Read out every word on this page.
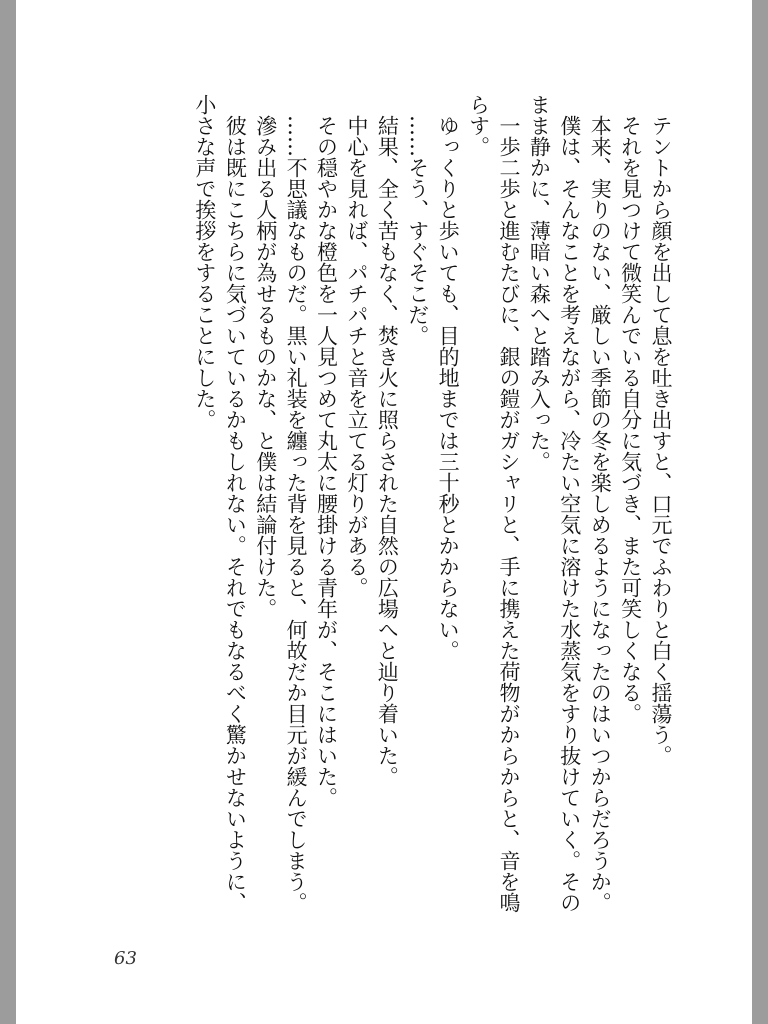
テントから顔を出して息を吐き出すと、口元でふわりと白く揺蕩う。

それを見つけて微笑んでいる自分に気づき、また可笑しくなる。

本来、実りのない、厳しい季節の冬を楽しめるようになったのはいつからだろうか。

僕は、そんなことを考えながら、冷たい空気に溶けた水蒸気をすり抜けていく。そのまま静かに、薄暗い森へと踏み入った。

一歩二歩と進むたびに、銀の鎧がガシャリと、手に携えた荷物がからからと、音を鳴らす。

ゆっくりと歩いても、目的地までは三十秒とかからない。

……そう、すぐそこだ。

結果、全く苦もなく、焚き火に照らされた自然の広場へと辿り着いた。

中心を見れば、パチパチと音を立てる灯りがある。

その穏やかな橙色を一人見つめて丸太に腰掛ける青年が、そこにはいた。

……不思議なものだ。黒い礼装を纏った背を見ると、何故だか目元が緩んでしまう。

滲み出る人柄が為せるものかな、と僕は結論付けた。

彼は既にこちらに気づいているかもしれない。それでもなるべく驚かせないように、小さな声で挨拶をすることにした。

63
